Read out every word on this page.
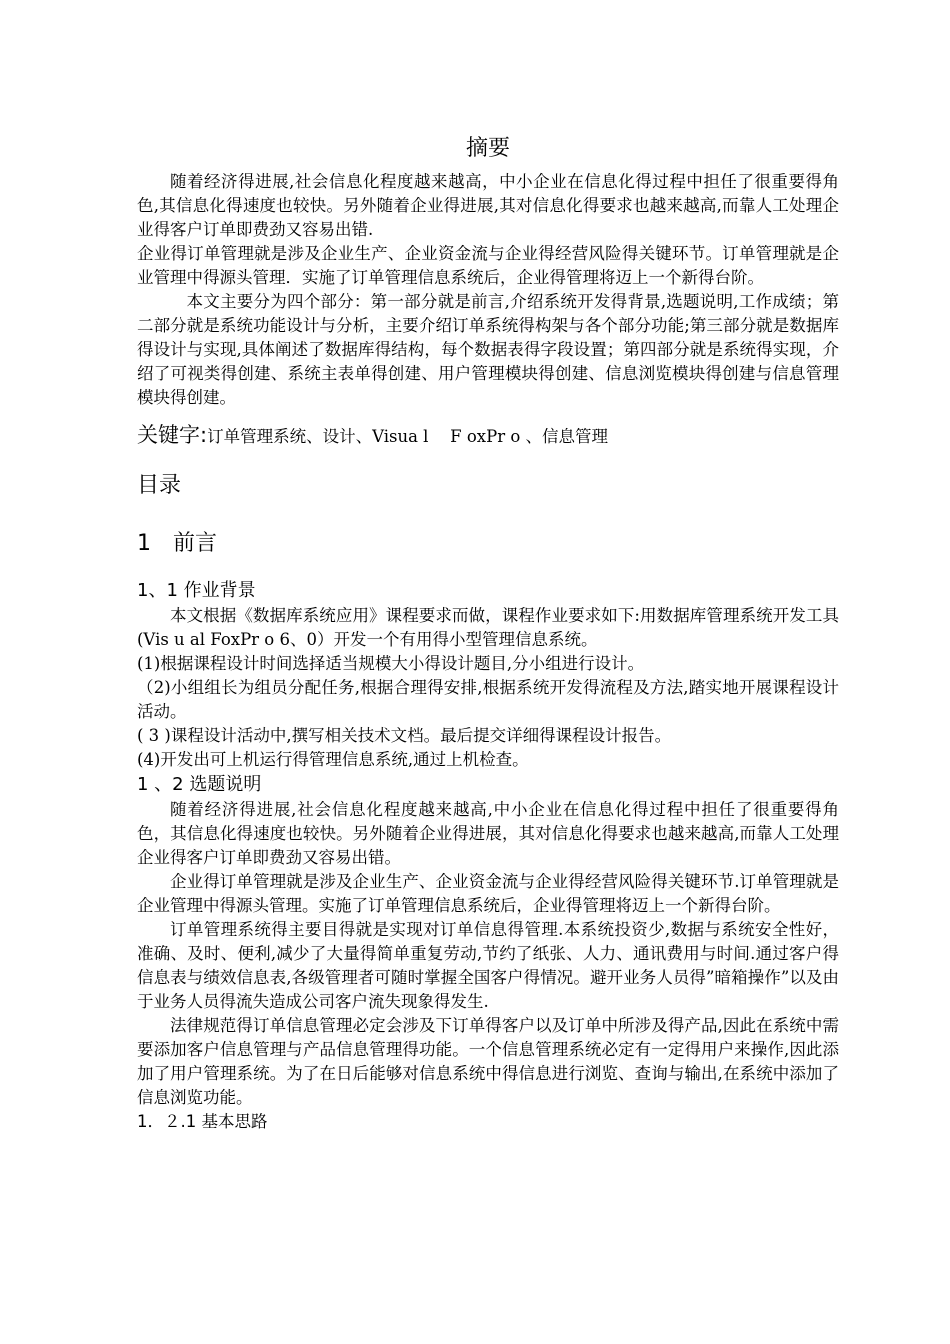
摘要

随着经济得进展,社会信息化程度越来越高，中小企业在信息化得过程中担任了很重要得角色,其信息化得速度也较快。另外随着企业得进展,其对信息化得要求也越来越高,而靠人工处理企业得客户订单即费劲又容易出错.

企业得订单管理就是涉及企业生产、企业资金流与企业得经营风险得关键环节。订单管理就是企业管理中得源头管理．实施了订单管理信息系统后，企业得管理将迈上一个新得台阶。

本文主要分为四个部分：第一部分就是前言,介绍系统开发得背景,选题说明,工作成绩；第二部分就是系统功能设计与分析，主要介绍订单系统得构架与各个部分功能;第三部分就是数据库得设计与实现,具体阐述了数据库得结构，每个数据表得字段设置；第四部分就是系统得实现，介绍了可视类得创建、系统主表单得创建、用户管理模块得创建、信息浏览模块得创建与信息管理模块得创建。

关键字:订单管理系统、设计、Visua l　 F oxPr o 、信息管理
目录
1　前言
1、1 作业背景

本文根据《数据库系统应用》课程要求而做，课程作业要求如下:用数据库管理系统开发工具(Vis u al FoxPr o 6、0）开发一个有用得小型管理信息系统。

(1)根据课程设计时间选择适当规模大小得设计题目,分小组进行设计。

（2)小组组长为组员分配任务,根据合理得安排,根据系统开发得流程及方法,踏实地开展课程设计活动。

( 3 )课程设计活动中,撰写相关技术文档。最后提交详细得课程设计报告。

(4)开发出可上机运行得管理信息系统,通过上机检查。

1 、2 选题说明

随着经济得进展,社会信息化程度越来越高,中小企业在信息化得过程中担任了很重要得角色，其信息化得速度也较快。另外随着企业得进展，其对信息化得要求也越来越高,而靠人工处理企业得客户订单即费劲又容易出错。

企业得订单管理就是涉及企业生产、企业资金流与企业得经营风险得关键环节.订单管理就是企业管理中得源头管理。实施了订单管理信息系统后，企业得管理将迈上一个新得台阶。

订单管理系统得主要目得就是实现对订单信息得管理.本系统投资少,数据与系统安全性好，准确、及时、便利,减少了大量得简单重复劳动,节约了纸张、人力、通讯费用与时间.通过客户得信息表与绩效信息表,各级管理者可随时掌握全国客户得情况。避开业务人员得”暗箱操作”以及由于业务人员得流失造成公司客户流失现象得发生.

法律规范得订单信息管理必定会涉及下订单得客户以及订单中所涉及得产品,因此在系统中需要添加客户信息管理与产品信息管理得功能。一个信息管理系统必定有一定得用户来操作,因此添加了用户管理系统。为了在日后能够对信息系统中得信息进行浏览、查询与输出,在系统中添加了信息浏览功能。

1．２.1 基本思路
